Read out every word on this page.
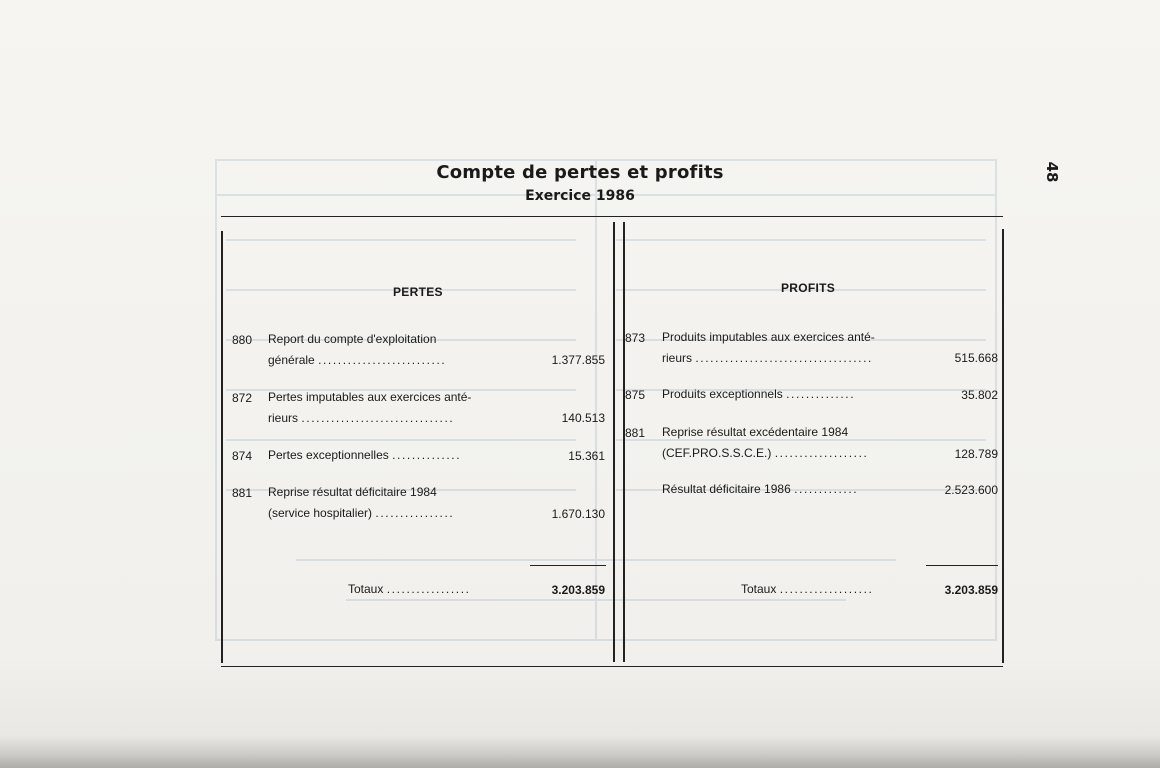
48
Compte de pertes et profits
Exercice 1986
PERTES
880	Report du compte d'exploitation
générale ..........................	1.377.855
872	Pertes imputables aux exercices anté-
rieurs ...............................	140.513
874	Pertes exceptionnelles ..............	15.361
881	Reprise résultat déficitaire 1984
(service hospitalier) ................	1.670.130
Totaux .................	3.203.859
PROFITS
873	Produits imputables aux exercices anté-
rieurs ....................................	515.668
875	Produits exceptionnels ..............	35.802
881	Reprise résultat excédentaire 1984
(CEF.PRO.S.S.C.E.) ...................	128.789
Résultat déficitaire 1986 .............	2.523.600
Totaux ...................	3.203.859
